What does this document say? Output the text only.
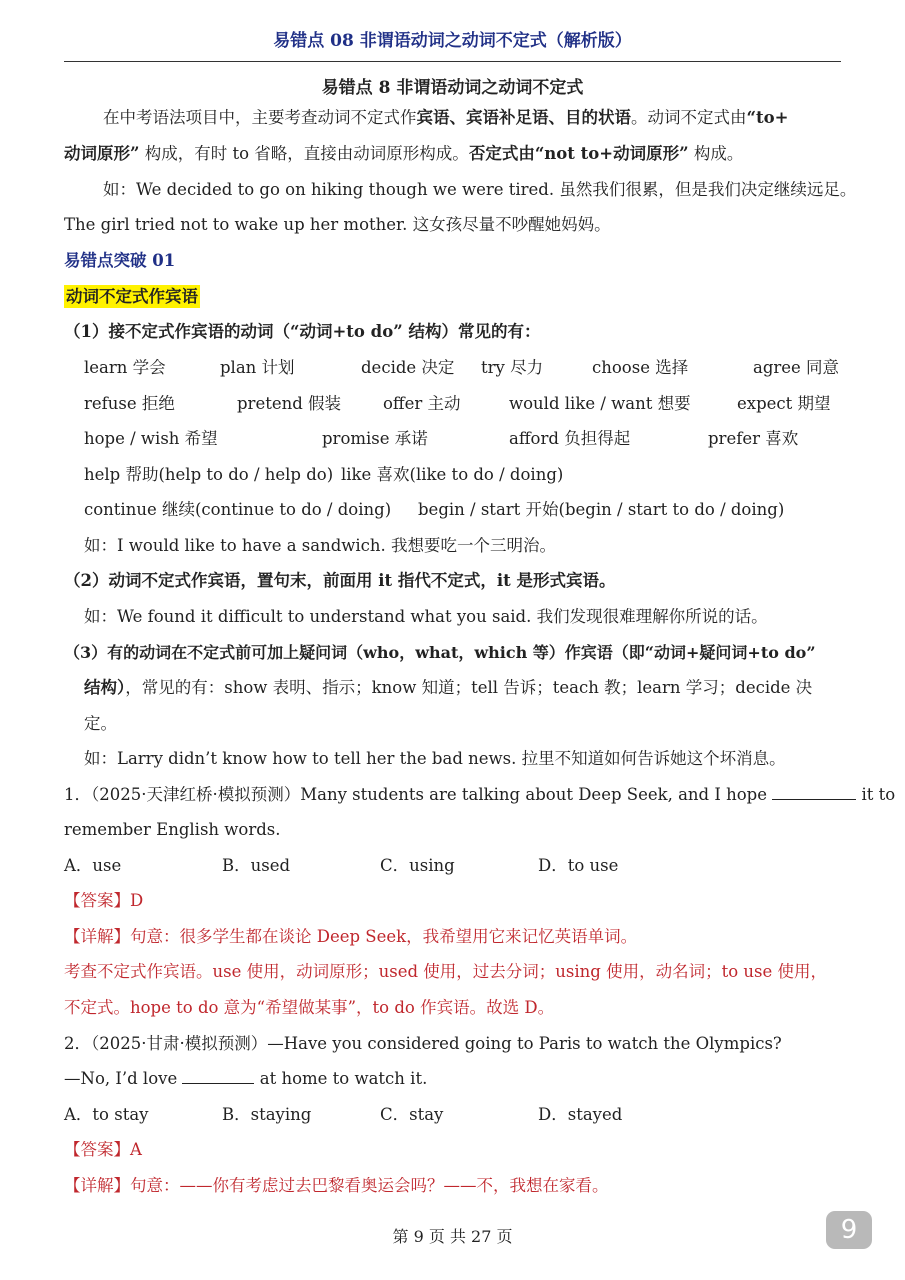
易错点 08 非谓语动词之动词不定式（解析版）
易错点 8 非谓语动词之动词不定式
在中考语法项目中，主要考查动词不定式作宾语、宾语补足语、目的状语。动词不定式由“to+
动词原形” 构成，有时 to 省略，直接由动词原形构成。否定式由“not to+动词原形” 构成。
如：We decided to go on hiking though we were tired. 虽然我们很累，但是我们决定继续远足。
The girl tried not to wake up her mother. 这女孩尽量不吵醒她妈妈。
易错点突破 01
动词不定式作宾语
（1）接不定式作宾语的动词（“动词+to do” 结构）常见的有：
learn 学会	plan 计划	decide 决定 try 尽力	choose 选择	agree 同意
refuse 拒绝	pretend 假装	offer 主动	would like / want 想要	expect 期望
hope / wish 希望	promise 承诺	afford 负担得起	prefer 喜欢
help 帮助(help to do / help do) like 喜欢(like to do / doing)
continue 继续(continue to do / doing) begin / start 开始(begin / start to do / doing)
如：I would like to have a sandwich. 我想要吃一个三明治。
（2）动词不定式作宾语，置句末，前面用 it 指代不定式，it 是形式宾语。
如：We found it difficult to understand what you said. 我们发现很难理解你所说的话。
（3）有的动词在不定式前可加上疑问词（who，what，which 等）作宾语（即“动词+疑问词+to do”
结构），常见的有：show 表明、指示；know 知道；tell 告诉；teach 教；learn 学习；decide 决
定。
如：Larry didn’t know how to tell her the bad news. 拉里不知道如何告诉她这个坏消息。
1．（2025·天津红桥·模拟预测）Many students are talking about Deep Seek, and I hope	it to
remember English words.
A．use	B．used	C．using	D．to use
【答案】D
【详解】句意：很多学生都在谈论 Deep Seek，我希望用它来记忆英语单词。
考查不定式作宾语。use 使用，动词原形；used 使用，过去分词；using 使用，动名词；to use 使用，
不定式。hope to do 意为“希望做某事”，to do 作宾语。故选 D。
2．（2025·甘肃·模拟预测）—Have you considered going to Paris to watch the Olympics?
—No, I’d love	at home to watch it.
A．to stay	B．staying	C．stay	D．stayed
【答案】A
【详解】句意：——你有考虑过去巴黎看奥运会吗？——不，我想在家看。
第 9 页 共 27 页	9
